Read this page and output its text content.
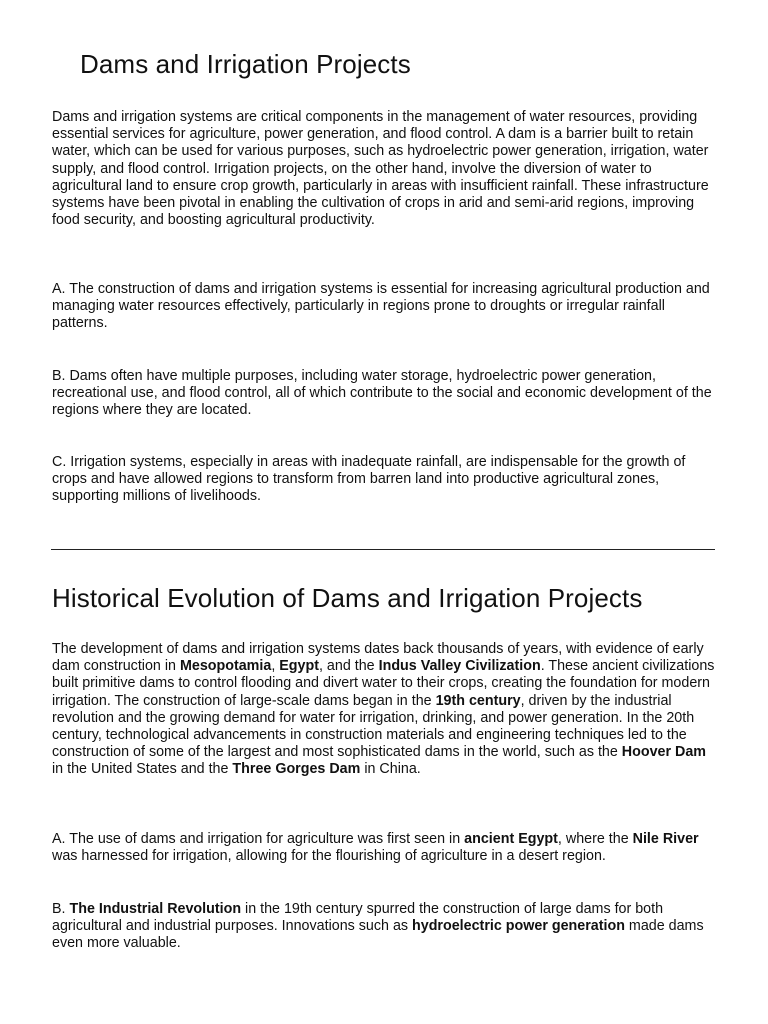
Dams and Irrigation Projects

Dams and irrigation systems are critical components in the management of water resources, providing essential services for agriculture, power generation, and flood control. A dam is a barrier built to retain water, which can be used for various purposes, such as hydroelectric power generation, irrigation, water supply, and flood control. Irrigation projects, on the other hand, involve the diversion of water to agricultural land to ensure crop growth, particularly in areas with insufficient rainfall. These infrastructure systems have been pivotal in enabling the cultivation of crops in arid and semi-arid regions, improving food security, and boosting agricultural productivity.

A. The construction of dams and irrigation systems is essential for increasing agricultural production and managing water resources effectively, particularly in regions prone to droughts or irregular rainfall patterns.

B. Dams often have multiple purposes, including water storage, hydroelectric power generation, recreational use, and flood control, all of which contribute to the social and economic development of the regions where they are located.

C. Irrigation systems, especially in areas with inadequate rainfall, are indispensable for the growth of crops and have allowed regions to transform from barren land into productive agricultural zones, supporting millions of livelihoods.

Historical Evolution of Dams and Irrigation Projects

The development of dams and irrigation systems dates back thousands of years, with evidence of early dam construction in Mesopotamia, Egypt, and the Indus Valley Civilization. These ancient civilizations built primitive dams to control flooding and divert water to their crops, creating the foundation for modern irrigation. The construction of large-scale dams began in the 19th century, driven by the industrial revolution and the growing demand for water for irrigation, drinking, and power generation. In the 20th century, technological advancements in construction materials and engineering techniques led to the construction of some of the largest and most sophisticated dams in the world, such as the Hoover Dam in the United States and the Three Gorges Dam in China.

A. The use of dams and irrigation for agriculture was first seen in ancient Egypt, where the Nile River was harnessed for irrigation, allowing for the flourishing of agriculture in a desert region.

B. The Industrial Revolution in the 19th century spurred the construction of large dams for both agricultural and industrial purposes. Innovations such as hydroelectric power generation made dams even more valuable.
